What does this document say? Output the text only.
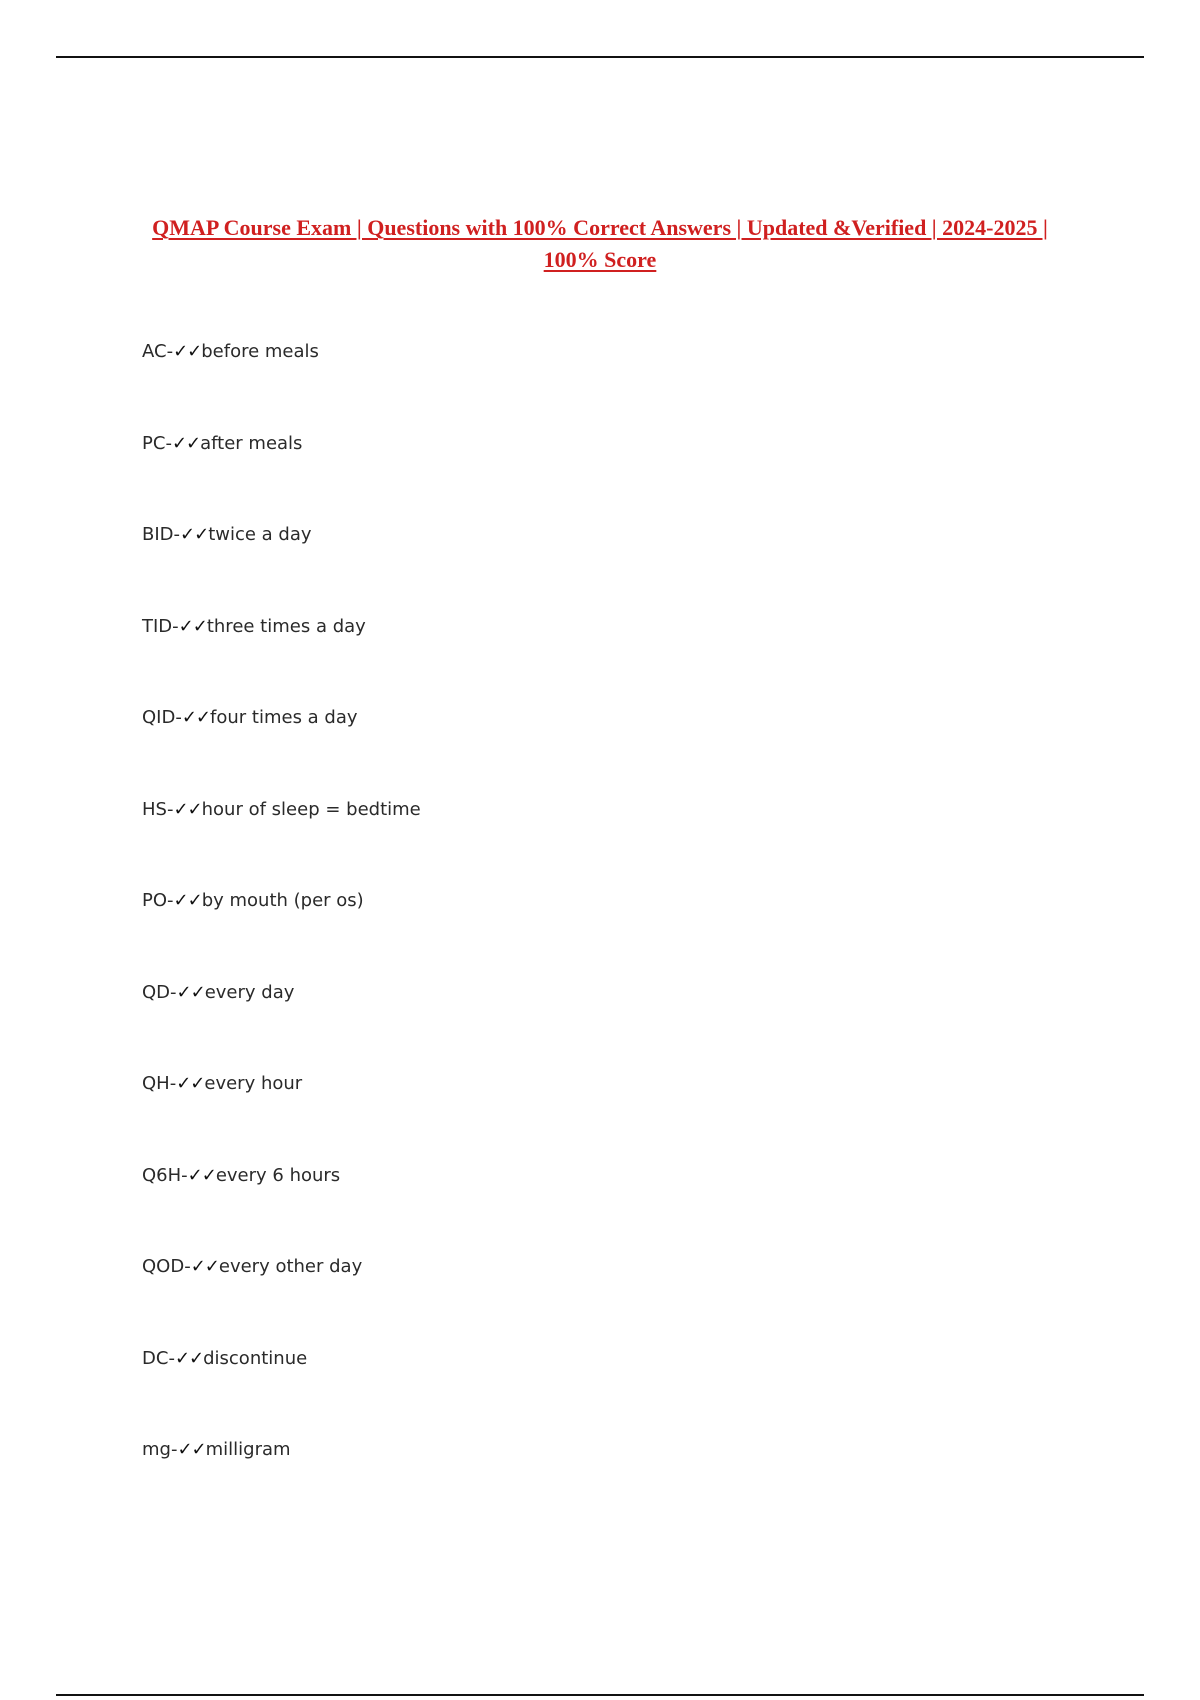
QMAP Course Exam | Questions with 100% Correct Answers | Updated &Verified | 2024-2025 | 100% Score
AC - ✓✓ before meals
PC - ✓✓ after meals
BID - ✓✓ twice a day
TID - ✓✓ three times a day
QID - ✓✓ four times a day
HS - ✓✓ hour of sleep = bedtime
PO - ✓✓ by mouth (per os)
QD - ✓✓ every day
QH - ✓✓ every hour
Q6H - ✓✓ every 6 hours
QOD - ✓✓ every other day
DC - ✓✓ discontinue
mg - ✓✓ milligram
